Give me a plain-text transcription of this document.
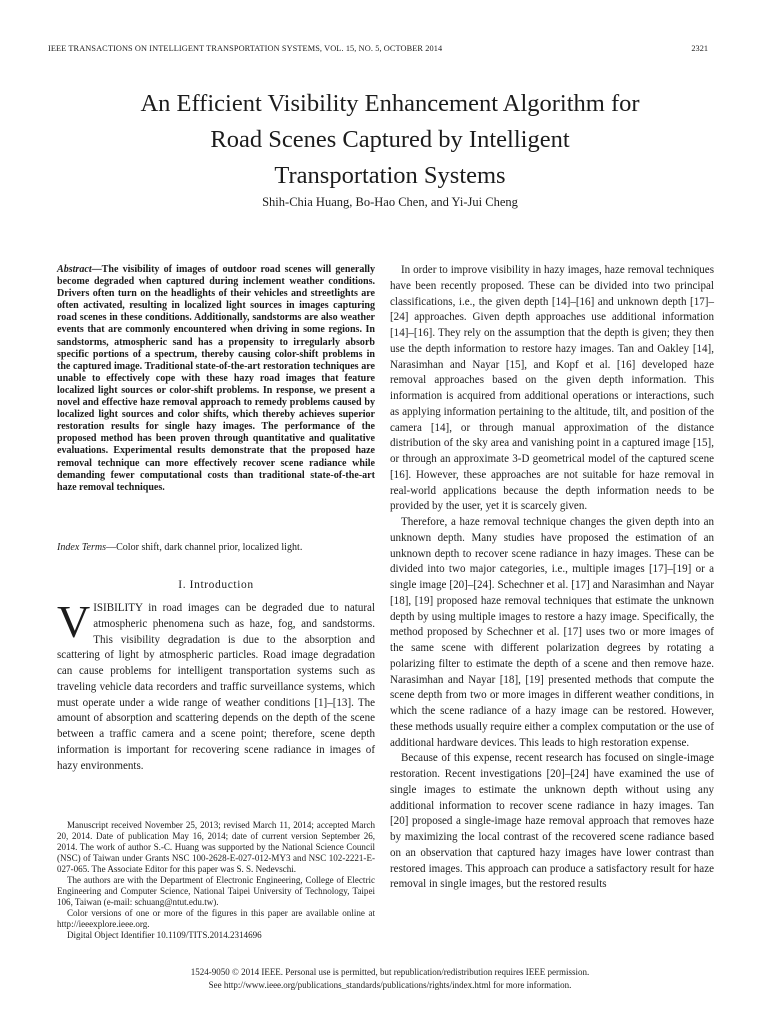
IEEE TRANSACTIONS ON INTELLIGENT TRANSPORTATION SYSTEMS, VOL. 15, NO. 5, OCTOBER 2014	2321
An Efficient Visibility Enhancement Algorithm for
Road Scenes Captured by Intelligent
Transportation Systems
Shih-Chia Huang, Bo-Hao Chen, and Yi-Jui Cheng
Abstract—The visibility of images of outdoor road scenes will generally become degraded when captured during inclement weather conditions. Drivers often turn on the headlights of their vehicles and streetlights are often activated, resulting in localized light sources in images capturing road scenes in these conditions. Additionally, sandstorms are also weather events that are commonly encountered when driving in some regions. In sandstorms, atmospheric sand has a propensity to irregularly absorb specific portions of a spectrum, thereby causing color-shift problems in the captured image. Traditional state-of-the-art restoration techniques are unable to effectively cope with these hazy road images that feature localized light sources or color-shift problems. In response, we present a novel and effective haze removal approach to remedy problems caused by localized light sources and color shifts, which thereby achieves superior restoration results for single hazy images. The performance of the proposed method has been proven through quantitative and qualitative evaluations. Experimental results demonstrate that the proposed haze removal technique can more effectively recover scene radiance while demanding fewer computational costs than traditional state-of-the-art haze removal techniques.
Index Terms—Color shift, dark channel prior, localized light.
I. Introduction
VISIBILITY in road images can be degraded due to natural atmospheric phenomena such as haze, fog, and sandstorms. This visibility degradation is due to the absorption and scattering of light by atmospheric particles. Road image degradation can cause problems for intelligent transportation systems such as traveling vehicle data recorders and traffic surveillance systems, which must operate under a wide range of weather conditions [1]–[13]. The amount of absorption and scattering depends on the depth of the scene between a traffic camera and a scene point; therefore, scene depth information is important for recovering scene radiance in images of hazy environments.

Manuscript received November 25, 2013; revised March 11, 2014; accepted March 20, 2014. Date of publication May 16, 2014; date of current version September 26, 2014. The work of author S.-C. Huang was supported by the National Science Council (NSC) of Taiwan under Grants NSC 100-2628-E-027-012-MY3 and NSC 102-2221-E-027-065. The Associate Editor for this paper was S. S. Nedevschi.

The authors are with the Department of Electronic Engineering, College of Electric Engineering and Computer Science, National Taipei University of Technology, Taipei 106, Taiwan (e-mail: schuang@ntut.edu.tw).

Color versions of one or more of the figures in this paper are available online at http://ieeexplore.ieee.org.

Digital Object Identifier 10.1109/TITS.2014.2314696

In order to improve visibility in hazy images, haze removal techniques have been recently proposed. These can be divided into two principal classifications, i.e., the given depth [14]–[16] and unknown depth [17]–[24] approaches. Given depth approaches use additional information [14]–[16]. They rely on the assumption that the depth is given; they then use the depth information to restore hazy images. Tan and Oakley [14], Narasimhan and Nayar [15], and Kopf et al. [16] developed haze removal approaches based on the given depth information. This information is acquired from additional operations or interactions, such as applying information pertaining to the altitude, tilt, and position of the camera [14], or through manual approximation of the distance distribution of the sky area and vanishing point in a captured image [15], or through an approximate 3-D geometrical model of the captured scene [16]. However, these approaches are not suitable for haze removal in real-world applications because the depth information needs to be provided by the user, yet it is scarcely given.

Therefore, a haze removal technique changes the given depth into an unknown depth. Many studies have proposed the estimation of an unknown depth to recover scene radiance in hazy images. These can be divided into two major categories, i.e., multiple images [17]–[19] or a single image [20]–[24]. Schechner et al. [17] and Narasimhan and Nayar [18], [19] proposed haze removal techniques that estimate the unknown depth by using multiple images to restore a hazy image. Specifically, the method proposed by Schechner et al. [17] uses two or more images of the same scene with different polarization degrees by rotating a polarizing filter to estimate the depth of a scene and then remove haze. Narasimhan and Nayar [18], [19] presented methods that compute the scene depth from two or more images in different weather conditions, in which the scene radiance of a hazy image can be restored. However, these methods usually require either a complex computation or the use of additional hardware devices. This leads to high restoration expense.

Because of this expense, recent research has focused on single-image restoration. Recent investigations [20]–[24] have examined the use of single images to estimate the unknown depth without using any additional information to recover scene radiance in hazy images. Tan [20] proposed a single-image haze removal approach that removes haze by maximizing the local contrast of the recovered scene radiance based on an observation that captured hazy images have lower contrast than restored images. This approach can produce a satisfactory result for haze removal in single images, but the restored results

1524-9050 © 2014 IEEE. Personal use is permitted, but republication/redistribution requires IEEE permission.
See http://www.ieee.org/publications_standards/publications/rights/index.html for more information.
